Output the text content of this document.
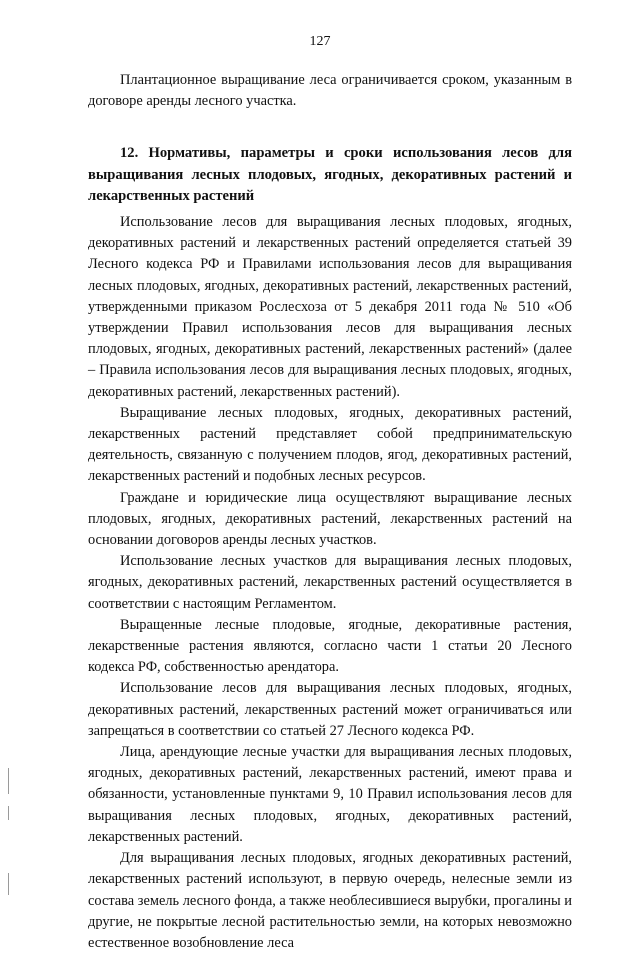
127

Плантационное выращивание леса ограничивается сроком, указанным в договоре аренды лесного участка.

12. Нормативы, параметры и сроки использования лесов для выращивания лесных плодовых, ягодных, декоративных растений и лекарственных растений

Использование лесов для выращивания лесных плодовых, ягодных, декоративных растений и лекарственных растений определяется статьей 39 Лесного кодекса РФ и Правилами использования лесов для выращивания лесных плодовых, ягодных, декоративных растений, лекарственных растений, утвержденными приказом Рослесхоза от 5 декабря 2011 года № 510 «Об утверждении Правил использования лесов для выращивания лесных плодовых, ягодных, декоративных растений, лекарственных растений» (далее – Правила использования лесов для выращивания лесных плодовых, ягодных, декоративных растений, лекарственных растений).

Выращивание лесных плодовых, ягодных, декоративных растений, лекарственных растений представляет собой предпринимательскую деятельность, связанную с получением плодов, ягод, декоративных растений, лекарственных растений и подобных лесных ресурсов.

Граждане и юридические лица осуществляют выращивание лесных плодовых, ягодных, декоративных растений, лекарственных растений на основании договоров аренды лесных участков.

Использование лесных участков для выращивания лесных плодовых, ягодных, декоративных растений, лекарственных растений осуществляется в соответствии с настоящим Регламентом.

Выращенные лесные плодовые, ягодные, декоративные растения, лекарственные растения являются, согласно части 1 статьи 20 Лесного кодекса РФ, собственностью арендатора.

Использование лесов для выращивания лесных плодовых, ягодных, декоративных растений, лекарственных растений может ограничиваться или запрещаться в соответствии со статьей 27 Лесного кодекса РФ.

Лица, арендующие лесные участки для выращивания лесных плодовых, ягодных, декоративных растений, лекарственных растений, имеют права и обязанности, установленные пунктами 9, 10 Правил использования лесов для выращивания лесных плодовых, ягодных, декоративных растений, лекарственных растений.

Для выращивания лесных плодовых, ягодных декоративных растений, лекарственных растений используют, в первую очередь, нелесные земли из состава земель лесного фонда, а также необлесившиеся вырубки, прогалины и другие, не покрытые лесной растительностью земли, на которых невозможно естественное возобновление леса
